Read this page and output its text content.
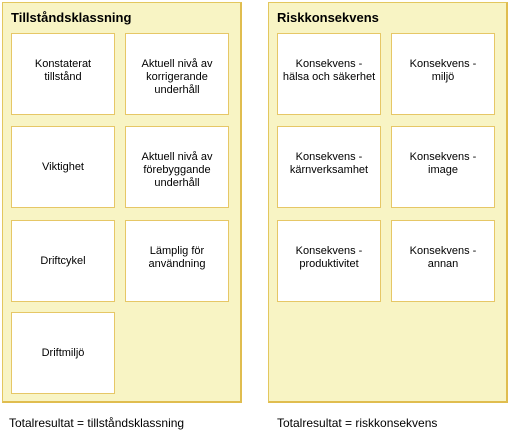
Tillståndsklassning
Konstaterat
tillstånd
Aktuell nivå av
korrigerande
underhåll
Viktighet
Aktuell nivå av
förebyggande
underhåll
Driftcykel
Lämplig för
användning
Driftmiljö
Riskkonsekvens
Konsekvens -
hälsa och säkerhet
Konsekvens -
miljö
Konsekvens -
kärnverksamhet
Konsekvens -
image
Konsekvens -
produktivitet
Konsekvens -
annan
Totalresultat = tillståndsklassning	Totalresultat = riskkonsekvens
